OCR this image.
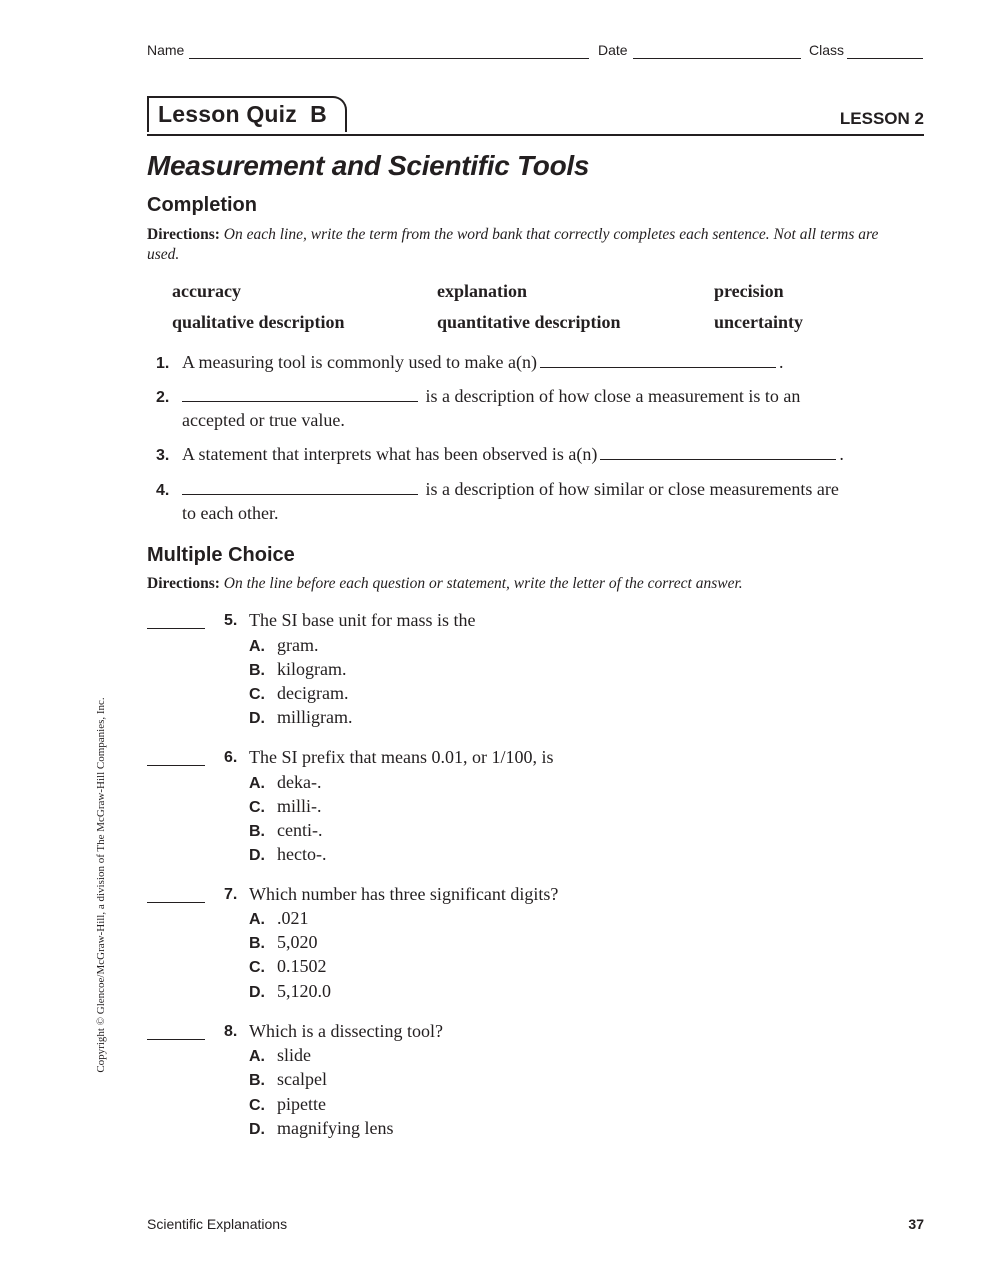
Name	Date	Class
Lesson Quiz  B	LESSON 2
Measurement and Scientific Tools
Completion
Directions: On each line, write the term from the word bank that correctly completes each sentence. Not all terms are used.
accuracy	explanation	precision
qualitative description	quantitative description	uncertainty
1. A measuring tool is commonly used to make a(n)	.
2.	is a description of how close a measurement is to an
accepted or true value.
3. A statement that interprets what has been observed is a(n)	.
4.	is a description of how similar or close measurements are
to each other.
Multiple Choice
Directions: On the line before each question or statement, write the letter of the correct answer.
5. The SI base unit for mass is the
A. gram.
B. kilogram.
C. decigram.
D. milligram.
6. The SI prefix that means 0.01, or 1/100, is
A. deka-.
C. milli-.
B. centi-.
D. hecto-.
7. Which number has three significant digits?
A. .021
B. 5,020
C. 0.1502
D. 5,120.0
8. Which is a dissecting tool?
A. slide
B. scalpel
C. pipette
D. magnifying lens
Copyright © Glencoe/McGraw-Hill, a division of The McGraw-Hill Companies, Inc.
Scientific Explanations	37
